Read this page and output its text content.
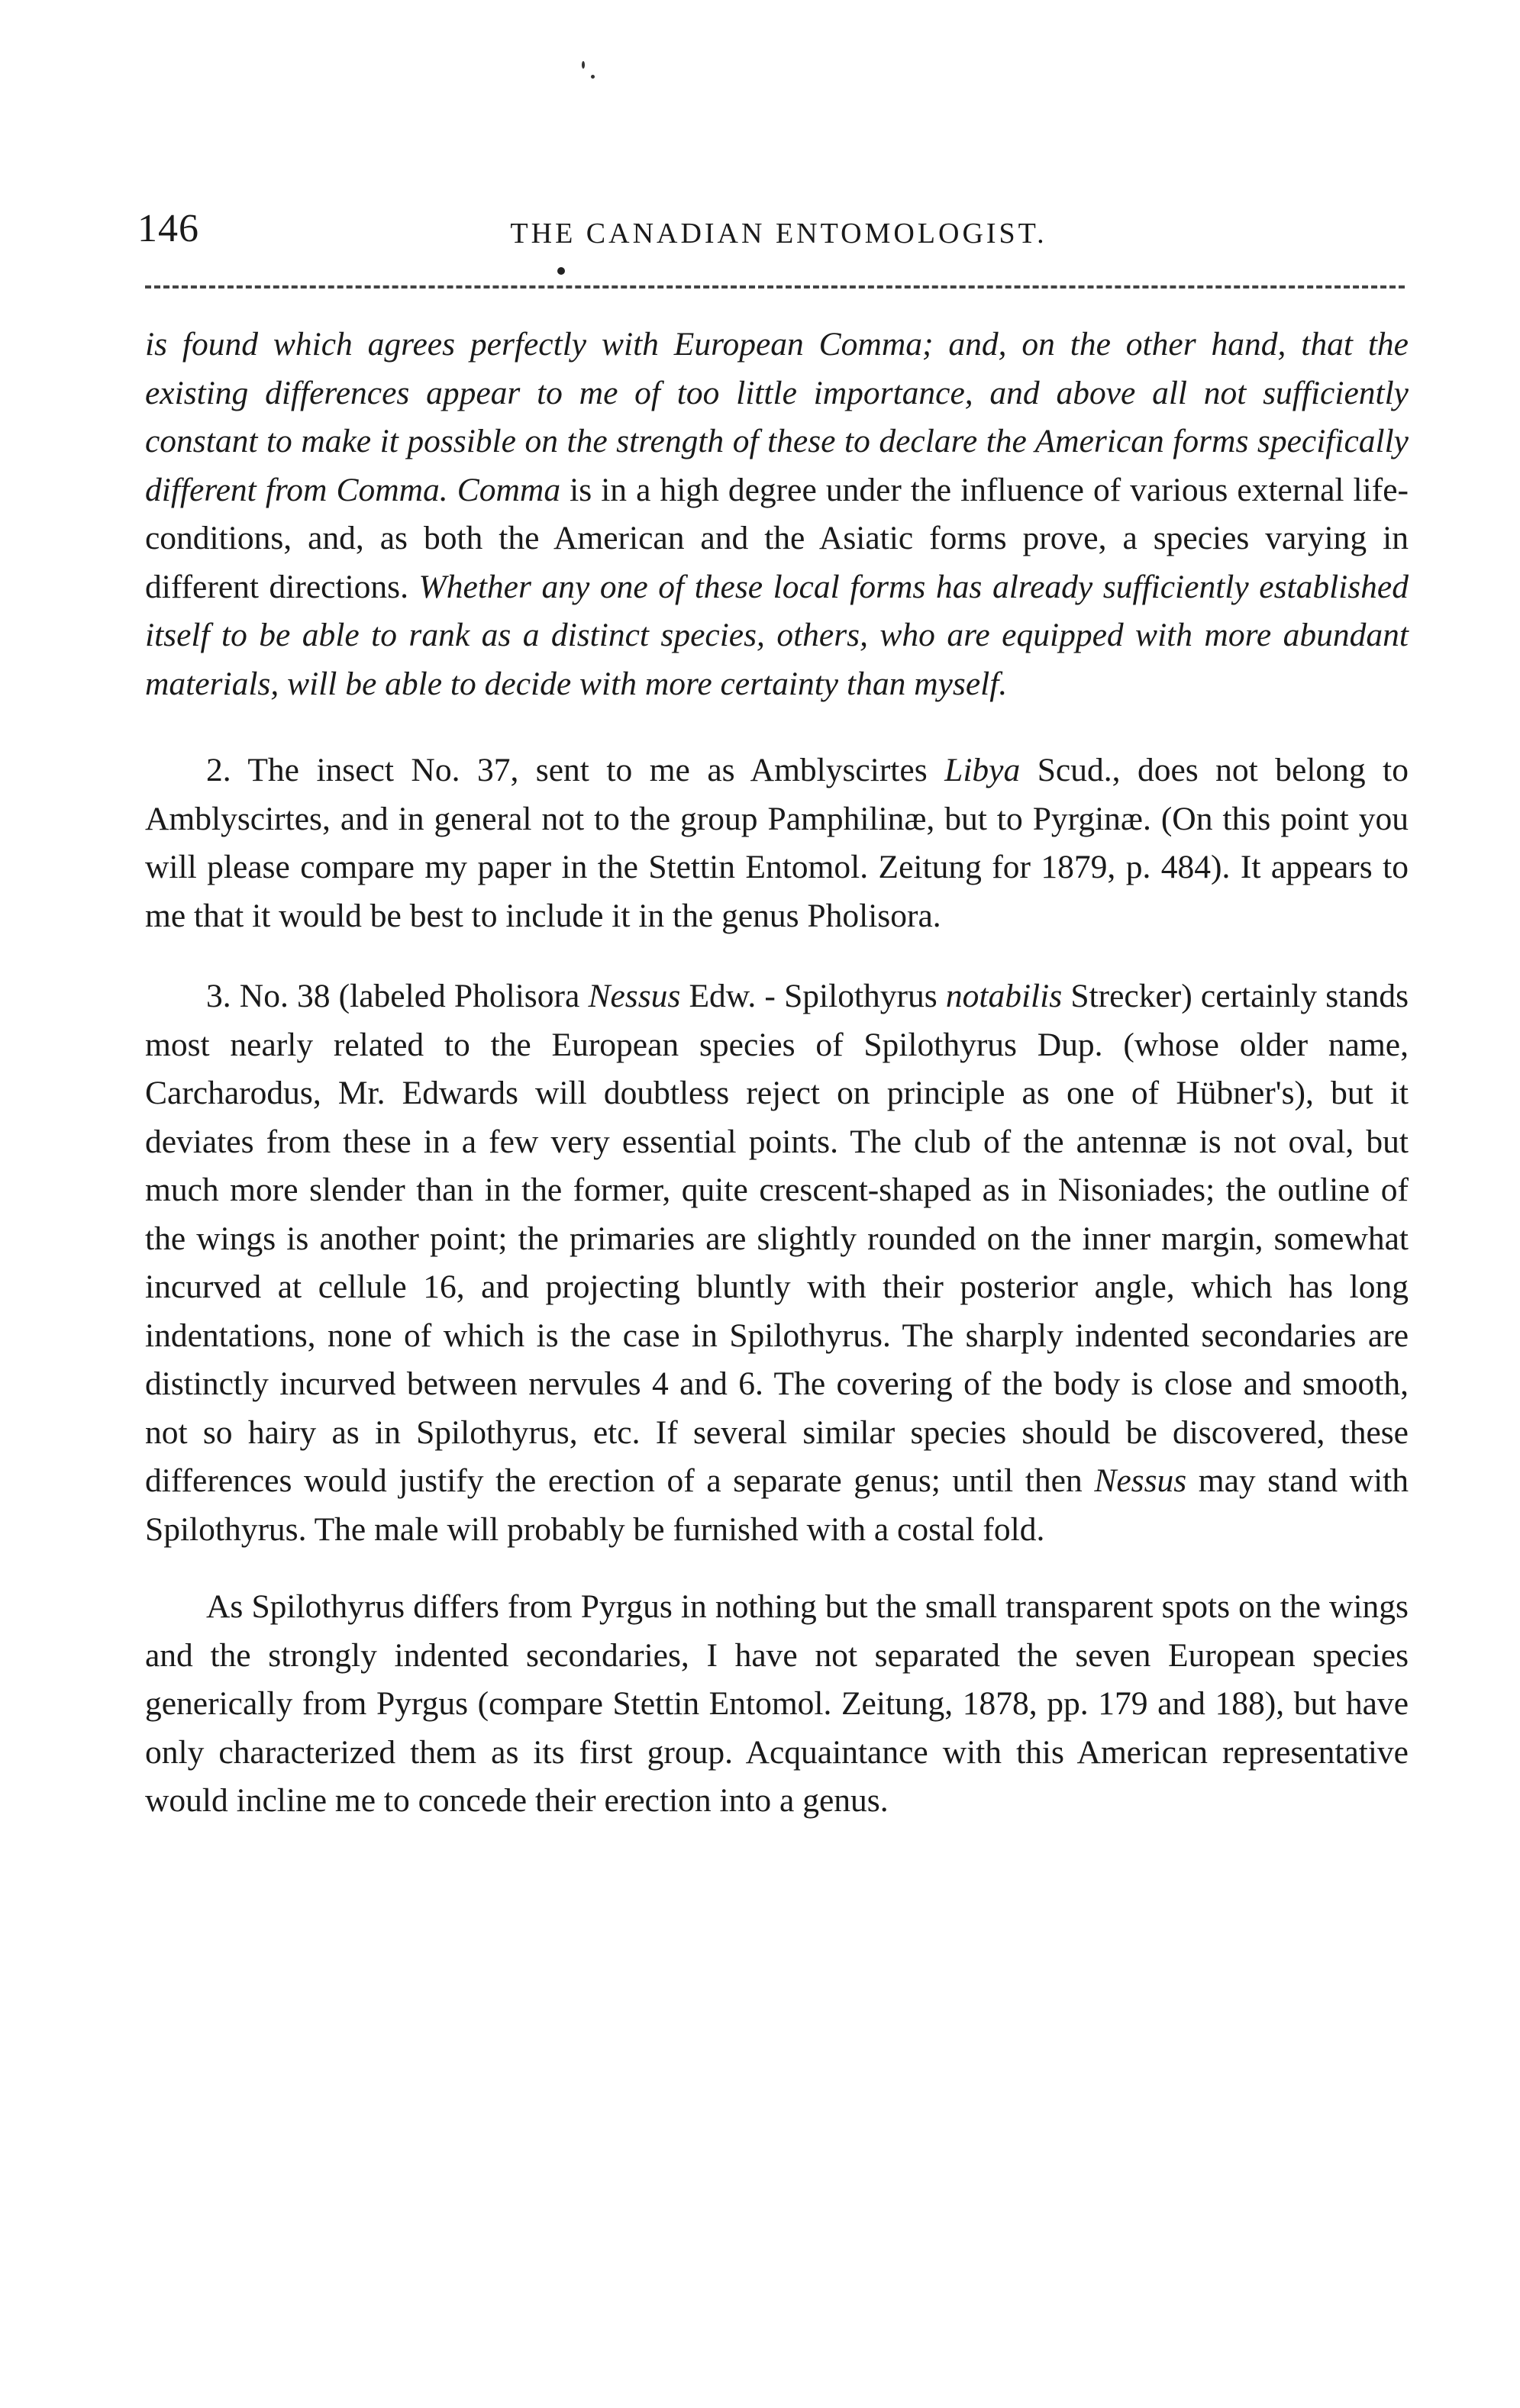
146	THE CANADIAN ENTOMOLOGIST.

is found which agrees perfectly with European Comma; and, on the other hand, that the existing differences appear to me of too little importance, and above all not sufficiently constant to make it possible on the strength of these to declare the American forms specifically different from Comma. Comma is in a high degree under the influence of various external life-conditions, and, as both the American and the Asiatic forms prove, a species varying in different directions. Whether any one of these local forms has already sufficiently established itself to be able to rank as a distinct species, others, who are equipped with more abundant materials, will be able to decide with more certainty than myself.

2. The insect No. 37, sent to me as Amblyscirtes Libya Scud., does not belong to Amblyscirtes, and in general not to the group Pamphilinæ, but to Pyrginæ. (On this point you will please compare my paper in the Stettin Entomol. Zeitung for 1879, p. 484). It appears to me that it would be best to include it in the genus Pholisora.

3. No. 38 (labeled Pholisora Nessus Edw. - Spilothyrus notabilis Strecker) certainly stands most nearly related to the European species of Spilothyrus Dup. (whose older name, Carcharodus, Mr. Edwards will doubtless reject on principle as one of Hübner's), but it deviates from these in a few very essential points. The club of the antennæ is not oval, but much more slender than in the former, quite crescent-shaped as in Nisoniades; the outline of the wings is another point; the primaries are slightly rounded on the inner margin, somewhat incurved at cellule 16, and projecting bluntly with their posterior angle, which has long indentations, none of which is the case in Spilothyrus. The sharply indented secondaries are distinctly incurved between nervules 4 and 6. The covering of the body is close and smooth, not so hairy as in Spilothyrus, etc. If several similar species should be discovered, these differences would justify the erection of a separate genus; until then Nessus may stand with Spilothyrus. The male will probably be furnished with a costal fold.

As Spilothyrus differs from Pyrgus in nothing but the small transparent spots on the wings and the strongly indented secondaries, I have not separated the seven European species generically from Pyrgus (compare Stettin Entomol. Zeitung, 1878, pp. 179 and 188), but have only characterized them as its first group. Acquaintance with this American representative would incline me to concede their erection into a genus.
